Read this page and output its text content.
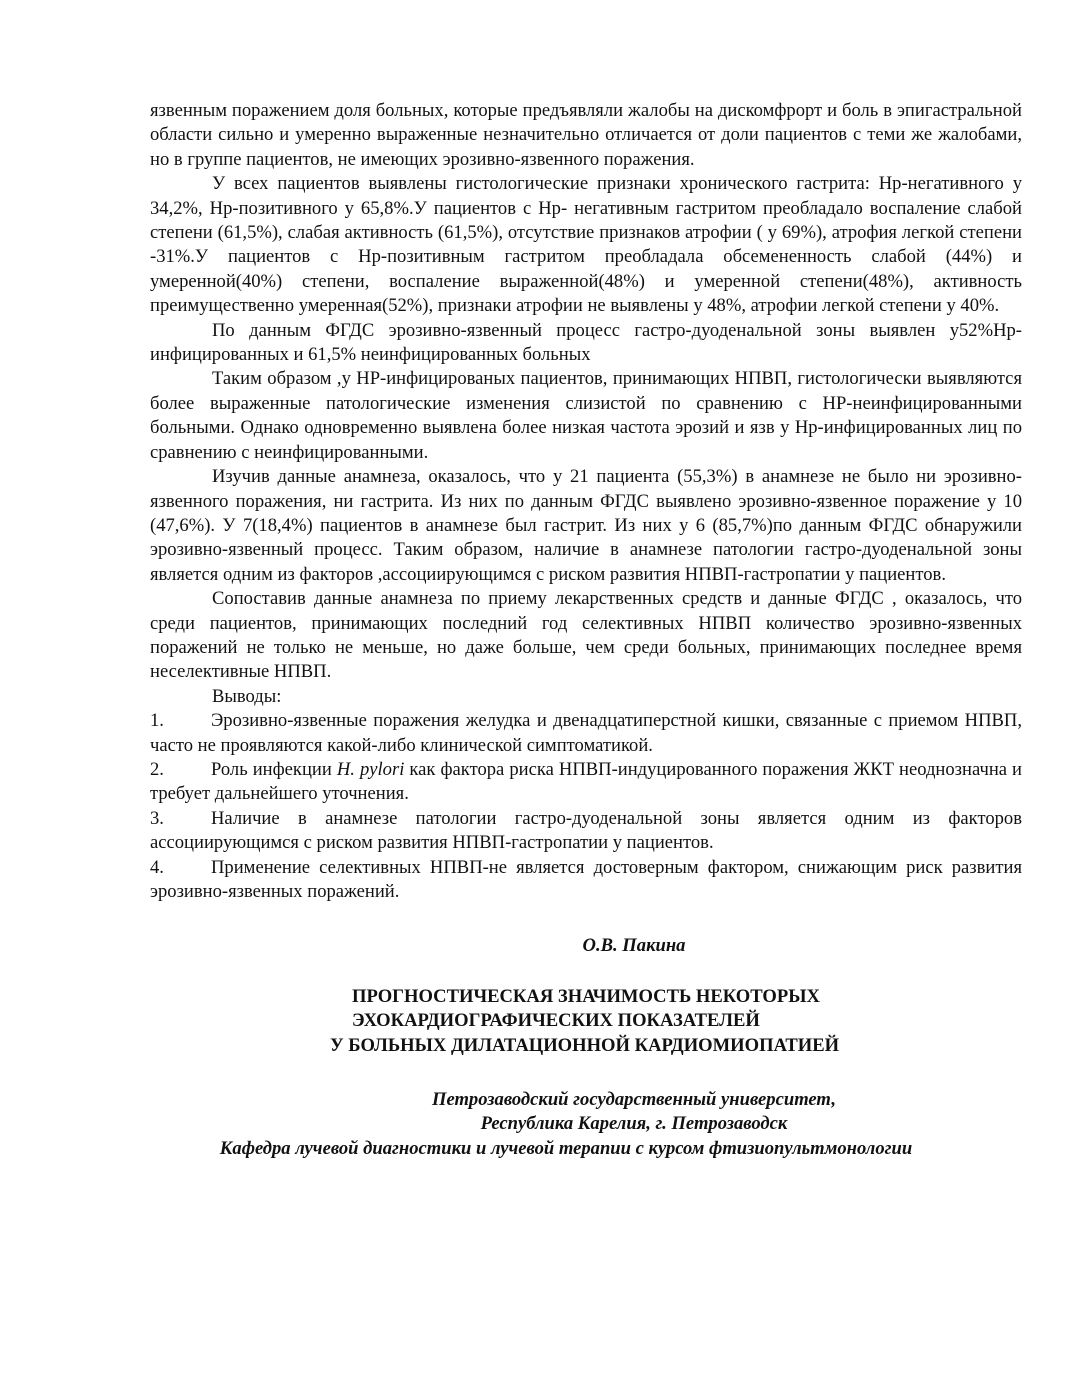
язвенным поражением доля больных, которые предъявляли жалобы на дискомфрорт и боль в эпигастральной области сильно и умеренно выраженные незначительно отличается от доли пациентов с теми же жалобами, но в группе пациентов, не имеющих эрозивно-язвенного поражения.

У всех пациентов выявлены гистологические признаки хронического гастрита: Hp-негативного у 34,2%, Hp-позитивного у 65,8%.У пациентов с Hp- негативным гастритом преобладало воспаление слабой степени (61,5%), слабая активность (61,5%), отсутствие признаков атрофии ( у 69%), атрофия легкой степени -31%.У пациентов с Hp-позитивным гастритом преобладала обсемененность слабой (44%) и умеренной(40%) степени, воспаление выраженной(48%) и умеренной степени(48%), активность преимущественно умеренная(52%), признаки атрофии не выявлены у 48%, атрофии легкой степени у 40%.

По данным ФГДС эрозивно-язвенный процесс гастро-дуоденальной зоны выявлен у52%Hp-инфицированных и 61,5% неинфицированных больных

Таким образом ,у HP-инфицированых пациентов, принимающих НПВП, гистологически выявляются более выраженные патологические изменения слизистой по сравнению с HP-неинфицированными больными. Однако одновременно выявлена более низкая частота эрозий и язв у Hp-инфицированных лиц по сравнению с неинфицированными.

Изучив данные анамнеза, оказалось, что у 21 пациента (55,3%) в анамнезе не было ни эрозивно-язвенного поражения, ни гастрита. Из них по данным ФГДС выявлено эрозивно-язвенное поражение у 10 (47,6%). У 7(18,4%) пациентов в анамнезе был гастрит. Из них у 6 (85,7%)по данным ФГДС обнаружили эрозивно-язвенный процесс. Таким образом, наличие в анамнезе патологии гастро-дуоденальной зоны является одним из факторов ,ассоциирующимся с риском развития НПВП-гастропатии у пациентов.

Сопоставив данные анамнеза по приему лекарственных средств и данные ФГДС , оказалось, что среди пациентов, принимающих последний год селективных НПВП количество эрозивно-язвенных поражений не только не меньше, но даже больше, чем среди больных, принимающих последнее время неселективные НПВП.

Выводы:

1.	Эрозивно-язвенные поражения желудка и двенадцатиперстной кишки, связанные с приемом НПВП, часто не проявляются какой-либо клинической симптоматикой.

2.	Роль инфекции H. pylori как фактора риска НПВП-индуцированного поражения ЖКТ неоднозначна и требует дальнейшего уточнения.

3.	Наличие в анамнезе патологии гастро-дуоденальной зоны является одним из факторов ассоциирующимся с риском развития НПВП-гастропатии у пациентов.

4.	Применение селективных НПВП-не является достоверным фактором, снижающим риск развития эрозивно-язвенных поражений.

О.В. Пакина
ПРОГНОСТИЧЕСКАЯ ЗНАЧИМОСТЬ НЕКОТОРЫХ
ЭХОКАРДИОГРАФИЧЕСКИХ ПОКАЗАТЕЛЕЙ
У БОЛЬНЫХ ДИЛАТАЦИОННОЙ КАРДИОМИОПАТИЕЙ
Петрозаводский государственный университет,
Республика Карелия, г. Петрозаводск
Кафедра лучевой диагностики и лучевой терапии с курсом фтизиопультмонологии
